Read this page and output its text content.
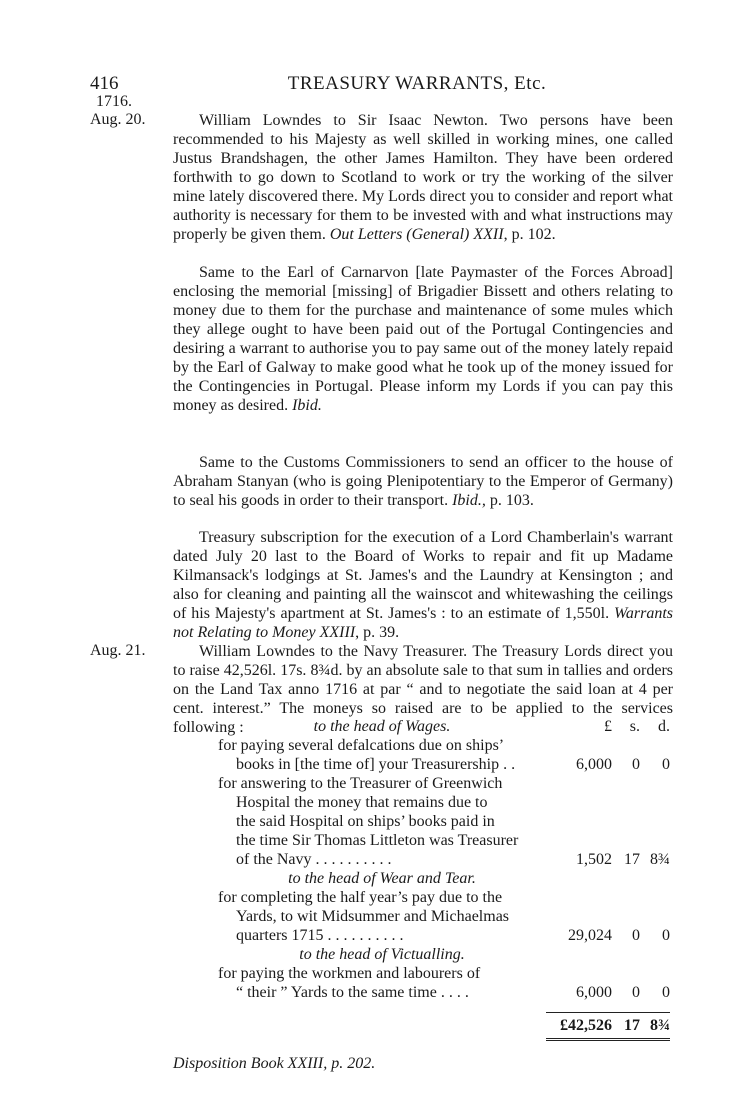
416	TREASURY WARRANTS, Etc.
1716.
Aug. 20.	William Lowndes to Sir Isaac Newton. Two persons have been recommended to his Majesty as well skilled in working mines, one called Justus Brandshagen, the other James Hamilton. They have been ordered forthwith to go down to Scotland to work or try the working of the silver mine lately discovered there. My Lords direct you to consider and report what authority is necessary for them to be invested with and what instructions may properly be given them. Out Letters (General) XXII, p. 102.

Same to the Earl of Carnarvon [late Paymaster of the Forces Abroad] enclosing the memorial [missing] of Brigadier Bissett and others relating to money due to them for the purchase and maintenance of some mules which they allege ought to have been paid out of the Portugal Contingencies and desiring a warrant to authorise you to pay same out of the money lately repaid by the Earl of Galway to make good what he took up of the money issued for the Contingencies in Portugal. Please inform my Lords if you can pay this money as desired. Ibid.

Same to the Customs Commissioners to send an officer to the house of Abraham Stanyan (who is going Plenipotentiary to the Emperor of Germany) to seal his goods in order to their transport. Ibid., p. 103.

Treasury subscription for the execution of a Lord Chamberlain's warrant dated July 20 last to the Board of Works to repair and fit up Madame Kilmansack's lodgings at St. James's and the Laundry at Kensington ; and also for cleaning and painting all the wainscot and whitewashing the ceilings of his Majesty's apartment at St. James's : to an estimate of 1,550l. Warrants not Relating to Money XXIII, p. 39.

Aug. 21.	William Lowndes to the Navy Treasurer. The Treasury Lords direct you to raise 42,526l. 17s. 8¾d. by an absolute sale to that sum in tallies and orders on the Land Tax anno 1716 at par “ and to negotiate the said loan at 4 per cent. interest.” The moneys so raised are to be applied to the services following :	to the head of Wages.	£	s.	d.
for paying several defalcations due on ships’
books in [the time of] your Treasurership . .	6,000	0	0
for answering to the Treasurer of Greenwich
Hospital the money that remains due to
the said Hospital on ships’ books paid in
the time Sir Thomas Littleton was Treasurer
of the Navy . . . . . . . . . .	1,502 17 8¾
to the head of Wear and Tear.
for completing the half year’s pay due to the
Yards, to wit Midsummer and Michaelmas
quarters 1715 . . . . . . . . . .	29,024	0	0
to the head of Victualling.
for paying the workmen and labourers of
“ their ” Yards to the same time . . . .	6,000	0	0
£42,526 17 8¾
Disposition Book XXIII, p. 202.
